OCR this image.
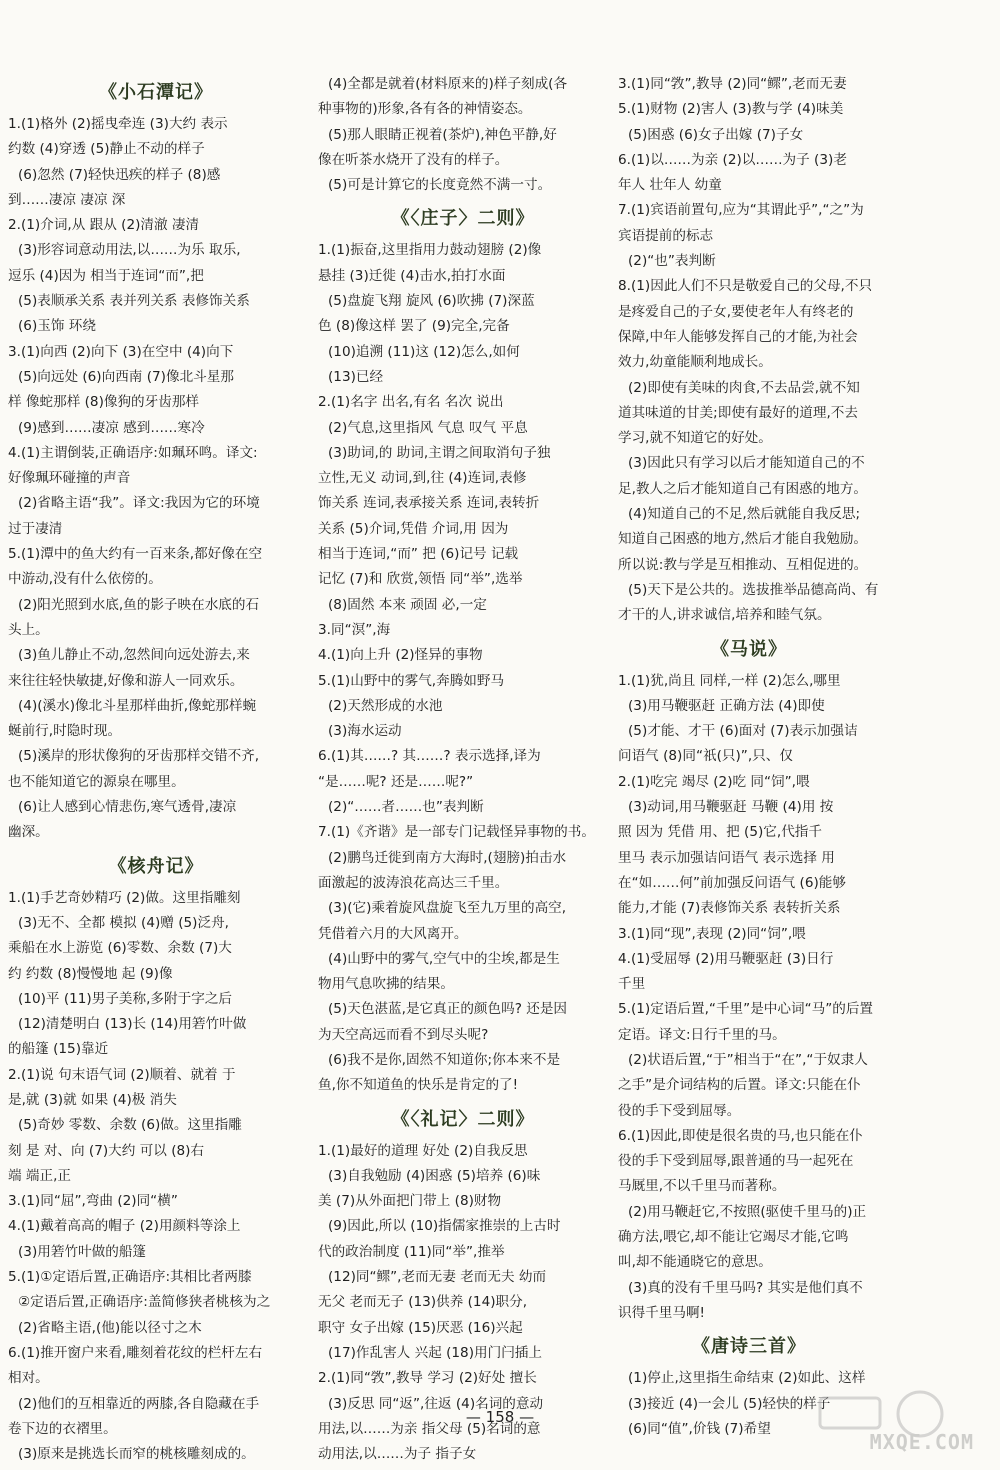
《小石潭记》
1.(1)格外 (2)摇曳牵连 (3)大约 表示
约数 (4)穿透 (5)静止不动的样子
(6)忽然 (7)轻快迅疾的样子 (8)感
到……凄凉 凄凉 深
2.(1)介词,从 跟从 (2)清澈 凄清
(3)形容词意动用法,以……为乐 取乐,
逗乐 (4)因为 相当于连词“而”,把
(5)表顺承关系 表并列关系 表修饰关系
(6)玉饰 环绕
3.(1)向西 (2)向下 (3)在空中 (4)向下
(5)向远处 (6)向西南 (7)像北斗星那
样 像蛇那样 (8)像狗的牙齿那样
(9)感到……凄凉 感到……寒冷
4.(1)主谓倒装,正确语序:如珮环鸣。译文:
好像珮环碰撞的声音
(2)省略主语“我”。译文:我因为它的环境
过于凄清
5.(1)潭中的鱼大约有一百来条,都好像在空
中游动,没有什么依傍的。
(2)阳光照到水底,鱼的影子映在水底的石
头上。
(3)鱼儿静止不动,忽然间向远处游去,来
来往往轻快敏捷,好像和游人一同欢乐。
(4)(溪水)像北斗星那样曲折,像蛇那样蜿
蜒前行,时隐时现。
(5)溪岸的形状像狗的牙齿那样交错不齐,
也不能知道它的源泉在哪里。
(6)让人感到心情悲伤,寒气透骨,凄凉
幽深。
《核舟记》
1.(1)手艺奇妙精巧 (2)做。这里指雕刻
(3)无不、全都 模拟 (4)赠 (5)泛舟,
乘船在水上游览 (6)零数、余数 (7)大
约 约数 (8)慢慢地 起 (9)像
(10)平 (11)男子美称,多附于字之后
(12)清楚明白 (13)长 (14)用箬竹叶做
的船篷 (15)靠近
2.(1)说 句末语气词 (2)顺着、就着 于
是,就 (3)就 如果 (4)极 消失
(5)奇妙 零数、余数 (6)做。这里指雕
刻 是 对、向 (7)大约 可以 (8)右
端 端正,正
3.(1)同“屈”,弯曲 (2)同“横”
4.(1)戴着高高的帽子 (2)用颜料等涂上
(3)用箬竹叶做的船篷
5.(1)①定语后置,正确语序:其相比者两膝
②定语后置,正确语序:盖简修狭者桃核为之
(2)省略主语,(他)能以径寸之木
6.(1)推开窗户来看,雕刻着花纹的栏杆左右
相对。
(2)他们的互相靠近的两膝,各自隐藏在手
卷下边的衣褶里。
(3)原来是挑选长而窄的桃核雕刻成的。
(4)全都是就着(材料原来的)样子刻成(各
种事物的)形象,各有各的神情姿态。
(5)那人眼睛正视着(茶炉),神色平静,好
像在听茶水烧开了没有的样子。
(5)可是计算它的长度竟然不满一寸。
《〈庄子〉二则》
1.(1)振奋,这里指用力鼓动翅膀 (2)像
悬挂 (3)迁徙 (4)击水,拍打水面
(5)盘旋飞翔 旋风 (6)吹拂 (7)深蓝
色 (8)像这样 罢了 (9)完全,完备
(10)追溯 (11)这 (12)怎么,如何
(13)已经
2.(1)名字 出名,有名 名次 说出
(2)气息,这里指风 气息 叹气 平息
(3)助词,的 助词,主谓之间取消句子独
立性,无义 动词,到,往 (4)连词,表修
饰关系 连词,表承接关系 连词,表转折
关系 (5)介词,凭借 介词,用 因为
相当于连词,“而” 把 (6)记号 记载
记忆 (7)和 欣赏,领悟 同“举”,选举
(8)固然 本来 顽固 必,一定
3.同“溟”,海
4.(1)向上升 (2)怪异的事物
5.(1)山野中的雾气,奔腾如野马
(2)天然形成的水池
(3)海水运动
6.(1)其……? 其……? 表示选择,译为
“是……呢? 还是……呢?”
(2)“……者……也”表判断
7.(1)《齐谐》是一部专门记载怪异事物的书。
(2)鹏鸟迁徙到南方大海时,(翅膀)拍击水
面激起的波涛浪花高达三千里。
(3)(它)乘着旋风盘旋飞至九万里的高空,
凭借着六月的大风离开。
(4)山野中的雾气,空气中的尘埃,都是生
物用气息吹拂的结果。
(5)天色湛蓝,是它真正的颜色吗? 还是因
为天空高远而看不到尽头呢?
(6)我不是你,固然不知道你;你本来不是
鱼,你不知道鱼的快乐是肯定的了!
《〈礼记〉二则》
1.(1)最好的道理 好处 (2)自我反思
(3)自我勉励 (4)困惑 (5)培养 (6)味
美 (7)从外面把门带上 (8)财物
(9)因此,所以 (10)指儒家推崇的上古时
代的政治制度 (11)同“举”,推举
(12)同“鳏”,老而无妻 老而无夫 幼而
无父 老而无子 (13)供养 (14)职分,
职守 女子出嫁 (15)厌恶 (16)兴起
(17)作乱害人 兴起 (18)用门闩插上
2.(1)同“敩”,教导 学习 (2)好处 擅长
(3)反思 同“返”,往返 (4)名词的意动
用法,以……为亲 指父母 (5)名词的意
动用法,以……为子 指子女
3.(1)同“敩”,教导 (2)同“鳏”,老而无妻
5.(1)财物 (2)害人 (3)教与学 (4)味美
(5)困惑 (6)女子出嫁 (7)子女
6.(1)以……为亲 (2)以……为子 (3)老
年人 壮年人 幼童
7.(1)宾语前置句,应为“其谓此乎”,“之”为
宾语提前的标志
(2)“也”表判断
8.(1)因此人们不只是敬爱自己的父母,不只
是疼爱自己的子女,要使老年人有终老的
保障,中年人能够发挥自己的才能,为社会
效力,幼童能顺利地成长。
(2)即使有美味的肉食,不去品尝,就不知
道其味道的甘美;即使有最好的道理,不去
学习,就不知道它的好处。
(3)因此只有学习以后才能知道自己的不
足,教人之后才能知道自己有困惑的地方。
(4)知道自己的不足,然后就能自我反思;
知道自己困惑的地方,然后才能自我勉励。
所以说:教与学是互相推动、互相促进的。
(5)天下是公共的。选拔推举品德高尚、有
才干的人,讲求诚信,培养和睦气氛。
《马说》
1.(1)犹,尚且 同样,一样 (2)怎么,哪里
(3)用马鞭驱赶 正确方法 (4)即使
(5)才能、才干 (6)面对 (7)表示加强诘
问语气 (8)同“祇(只)”,只、仅
2.(1)吃完 竭尽 (2)吃 同“饲”,喂
(3)动词,用马鞭驱赶 马鞭 (4)用 按
照 因为 凭借 用、把 (5)它,代指千
里马 表示加强诘问语气 表示选择 用
在“如……何”前加强反问语气 (6)能够
能力,才能 (7)表修饰关系 表转折关系
3.(1)同“现”,表现 (2)同“饲”,喂
4.(1)受屈辱 (2)用马鞭驱赶 (3)日行
千里
5.(1)定语后置,“千里”是中心词“马”的后置
定语。译文:日行千里的马。
(2)状语后置,“于”相当于“在”,“于奴隶人
之手”是介词结构的后置。译文:只能在仆
役的手下受到屈辱。
6.(1)因此,即使是很名贵的马,也只能在仆
役的手下受到屈辱,跟普通的马一起死在
马厩里,不以千里马而著称。
(2)用马鞭赶它,不按照(驱使千里马的)正
确方法,喂它,却不能让它竭尽才能,它鸣
叫,却不能通晓它的意思。
(3)真的没有千里马吗? 其实是他们真不
识得千里马啊!
《唐诗三首》
(1)停止,这里指生命结束 (2)如此、这样
(3)接近 (4)一会儿 (5)轻快的样子
(6)同“值”,价钱 (7)希望
— 158 —
MXQE.COM
